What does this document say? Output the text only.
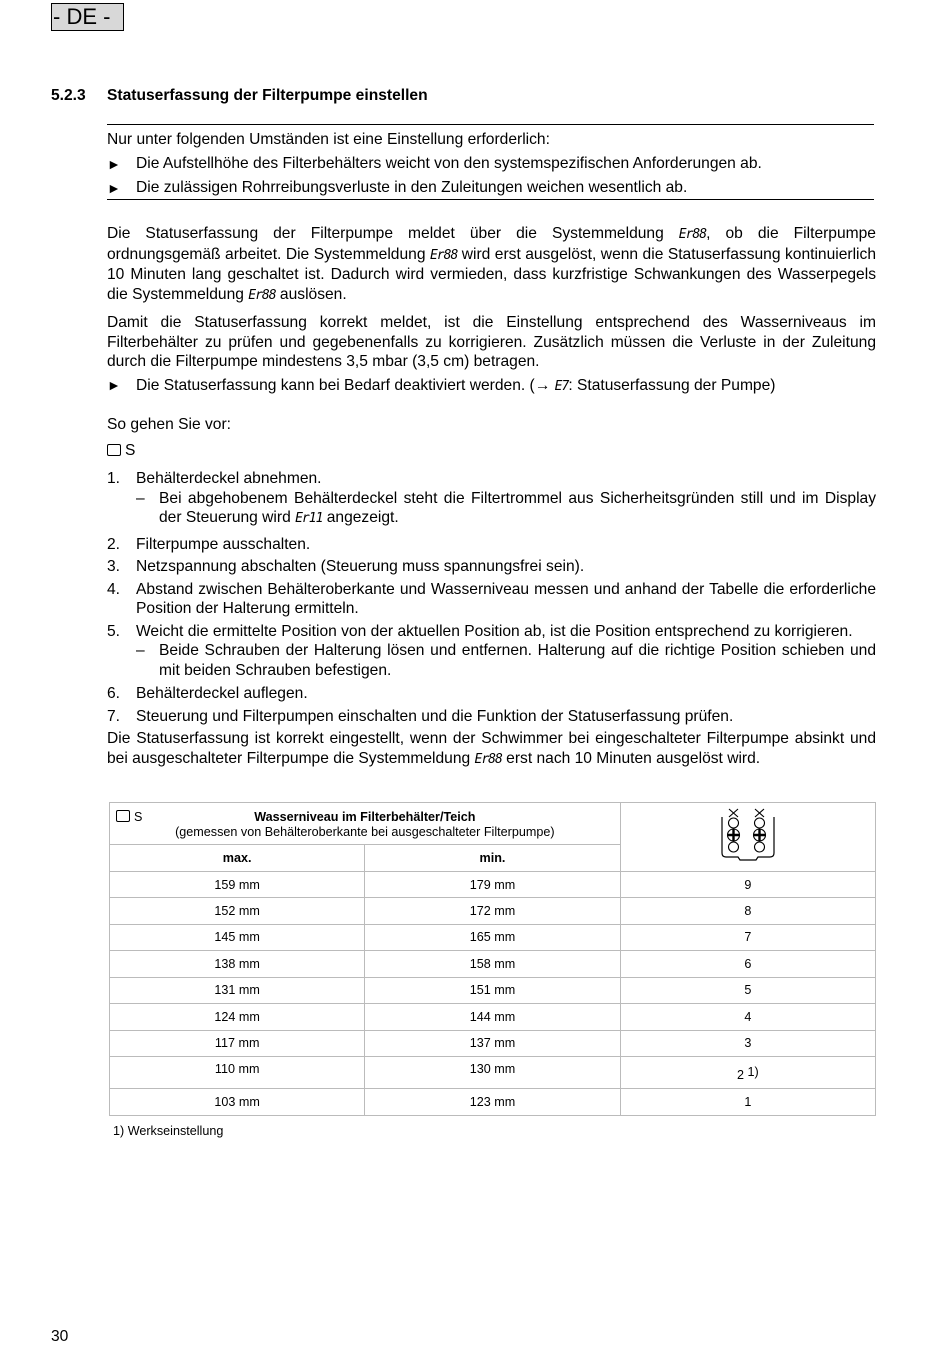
- DE -
5.2.3 Statuserfassung der Filterpumpe einstellen

Nur unter folgenden Umständen ist eine Einstellung erforderlich:

► Die Aufstellhöhe des Filterbehälters weicht von den systemspezifischen Anforderungen ab.
► Die zulässigen Rohrreibungsverluste in den Zuleitungen weichen wesentlich ab.

Die Statuserfassung der Filterpumpe meldet über die Systemmeldung Er88, ob die Filterpumpe ordnungsgemäß arbeitet. Die Systemmeldung Er88 wird erst ausgelöst, wenn die Statuserfassung kontinuierlich 10 Minuten lang geschaltet ist. Dadurch wird vermieden, dass kurzfristige Schwankungen des Wasserpegels die Systemmeldung Er88 auslösen.

Damit die Statuserfassung korrekt meldet, ist die Einstellung entsprechend des Wasserniveaus im Filterbehälter zu prüfen und gegebenenfalls zu korrigieren. Zusätzlich müssen die Verluste in der Zuleitung durch die Filterpumpe mindestens 3,5 mbar (3,5 cm) betragen.

► Die Statuserfassung kann bei Bedarf deaktiviert werden. (→ E7: Statuserfassung der Pumpe)

So gehen Sie vor:

S

1. Behälterdeckel abnehmen.
– Bei abgehobenem Behälterdeckel steht die Filtertrommel aus Sicherheitsgründen still und im Display der Steuerung wird Er11 angezeigt.
2. Filterpumpe ausschalten.
3. Netzspannung abschalten (Steuerung muss spannungsfrei sein).
4. Abstand zwischen Behälteroberkante und Wasserniveau messen und anhand der Tabelle die erforderliche Position der Halterung ermitteln.
5. Weicht die ermittelte Position von der aktuellen Position ab, ist die Position entsprechend zu korrigieren.
– Beide Schrauben der Halterung lösen und entfernen. Halterung auf die richtige Position schieben und mit beiden Schrauben befestigen.
6. Behälterdeckel auflegen.
7. Steuerung und Filterpumpen einschalten und die Funktion der Statuserfassung prüfen.

Die Statuserfassung ist korrekt eingestellt, wenn der Schwimmer bei eingeschalteter Filterpumpe absinkt und bei ausgeschalteter Filterpumpe die Systemmeldung Er88 erst nach 10 Minuten ausgelöst wird.

S Wasserniveau im Filterbehälter/Teich
(gemessen von Behälteroberkante bei ausgeschalteter Filterpumpe)

max.	min.	
159 mm	179 mm	9
152 mm	172 mm	8
145 mm	165 mm	7
138 mm	158 mm	6
131 mm	151 mm	5
124 mm	144 mm	4
117 mm	137 mm	3
110 mm	130 mm	2 1)
103 mm	123 mm	1
1) Werkseinstellung
30
